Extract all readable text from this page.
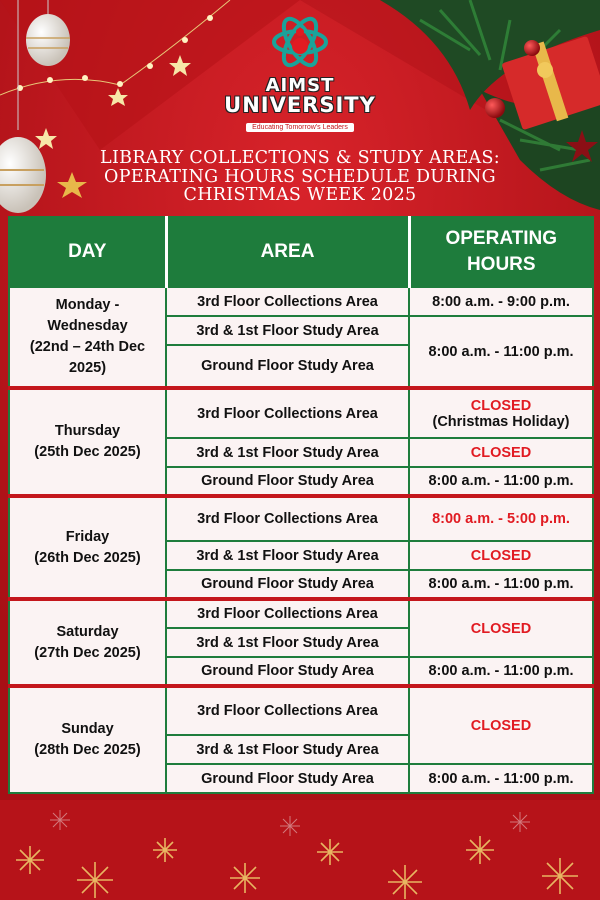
AIMST
UNIVERSITY
Educating Tomorrow's Leaders
LIBRARY COLLECTIONS & STUDY AREAS:
OPERATING HOURS SCHEDULE DURING
CHRISTMAS WEEK 2025
DAY	AREA	OPERATING
HOURS
Monday -
Wednesday
(22nd – 24th Dec
2025)	3rd Floor Collections Area	8:00 a.m. - 9:00 p.m.
	3rd & 1st Floor Study Area	8:00 a.m. - 11:00 p.m.
	Ground Floor Study Area	
Thursday
(25th Dec 2025)	3rd Floor Collections Area	CLOSED
(Christmas Holiday)
	3rd & 1st Floor Study Area	CLOSED
	Ground Floor Study Area	8:00 a.m. - 11:00 p.m.
Friday
(26th Dec 2025)	3rd Floor Collections Area	8:00 a.m. - 5:00 p.m.
	3rd & 1st Floor Study Area	CLOSED
	Ground Floor Study Area	8:00 a.m. - 11:00 p.m.
Saturday
(27th Dec 2025)	3rd Floor Collections Area	CLOSED
	3rd & 1st Floor Study Area	
	Ground Floor Study Area	8:00 a.m. - 11:00 p.m.
Sunday
(28th Dec 2025)	3rd Floor Collections Area	CLOSED
	3rd & 1st Floor Study Area	
	Ground Floor Study Area	8:00 a.m. - 11:00 p.m.
